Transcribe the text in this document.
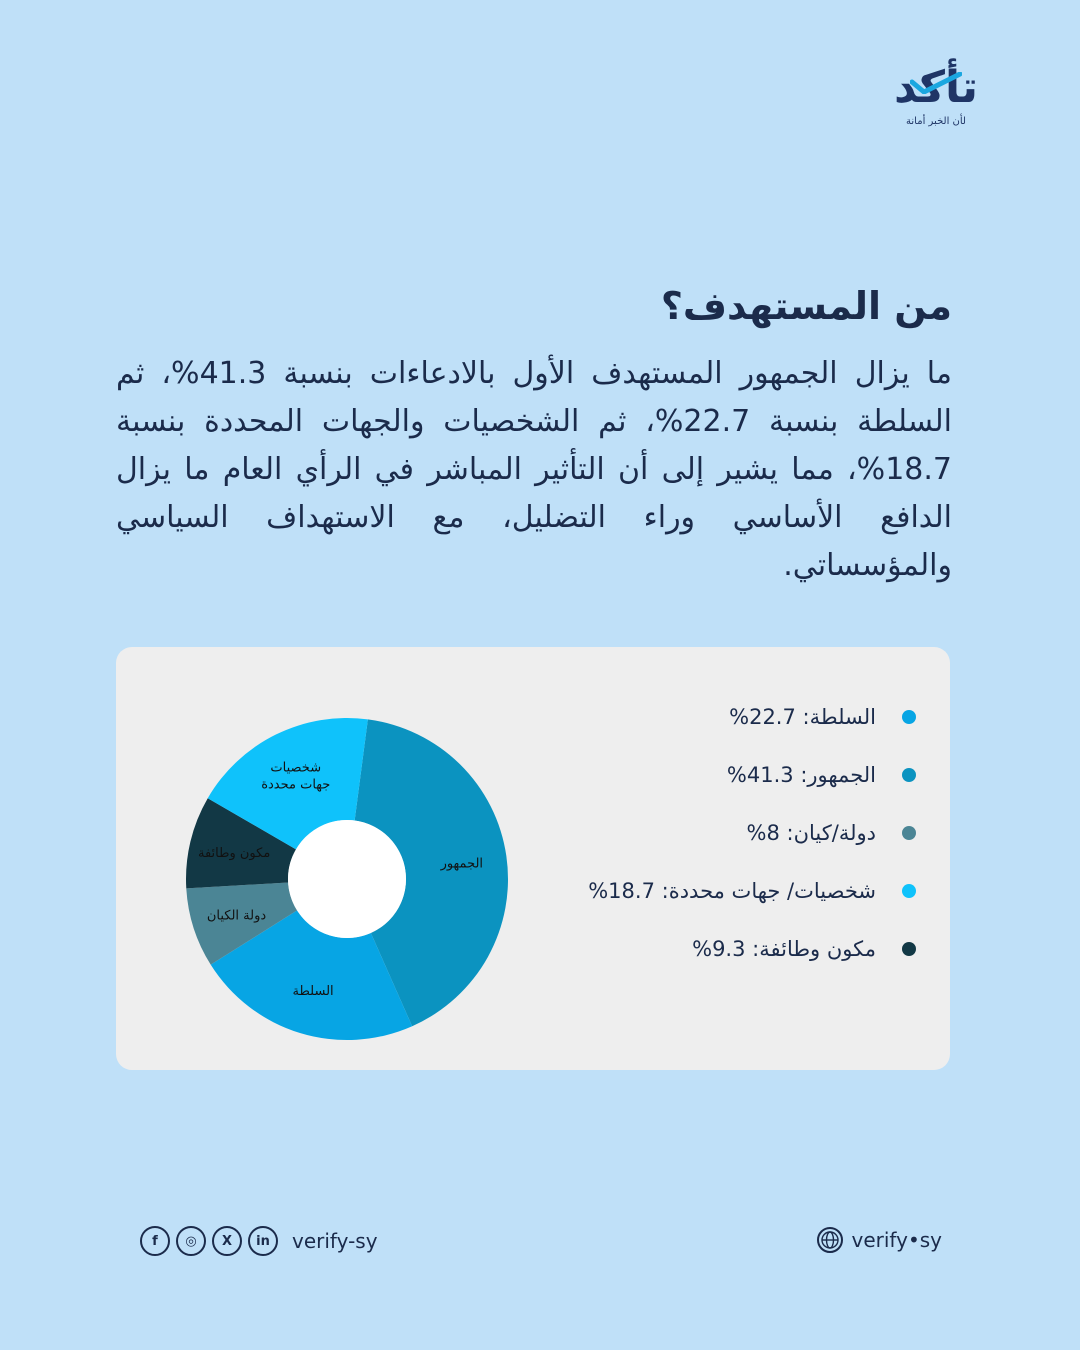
تأكد
لأن الخبر أمانة
من المستهدف؟

ما يزال الجمهور المستهدف الأول بالادعاءات بنسبة 41.3%، ثم السلطة بنسبة 22.7%، ثم الشخصيات والجهات المحددة بنسبة 18.7%، مما يشير إلى أن التأثير المباشر في الرأي العام ما يزال الدافع الأساسي وراء التضليل، مع الاستهداف السياسي والمؤسساتي.

الجمهور
السلطة
دولة الكيان
مكون وطائفة
شخصيات
جهات محددة
السلطة: 22.7%
الجمهور: 41.3%
دولة/كيان: 8%
شخصيات/ جهات محددة: 18.7%
مكون وطائفة: 9.3%
f	◎	X	in	verify-sy	verify•sy
